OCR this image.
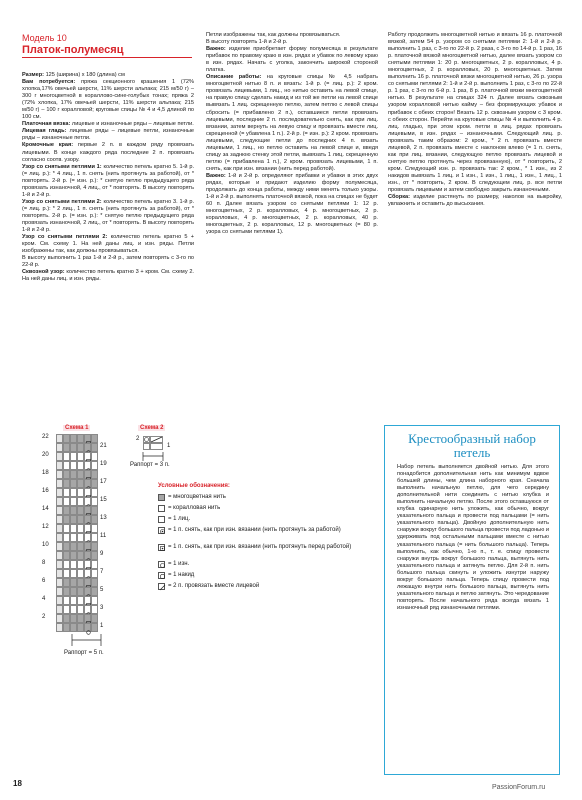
Модель 10
Платок-полумесяц

Размер: 125 (ширина) х 180 (длина) см

Вам потребуется: пряжа секционного крашения 1 (72% хлопка,17% овечьей шерсти, 11% шерсти альпака; 215 м/50 г) – 300 г многоцветной в кораллово-сине-голубых тонах; пряжа 2 (72% хлопка, 17% овечьей шерсти, 11% шерсти альпака; 215 м/50 г) – 100 г коралловой; круговые спицы № 4 и 4,5 длиной по 100 см.

Платочная вязка: лицевые и изнаночные ряды – лицевые петли.

Лицевая гладь: лицевые ряды – лицевые петли, изнаночные ряды – изнаночные петли.

Кромочные края: первые 2 п. в каждом ряду провязать лицевыми. В конце каждого ряда последние 2 п. провязать согласно соотв. узору.

Узор со снятыми петлями 1: количество петель кратно 5. 1-й р. (= лиц. р.): * 4 лиц., 1 п. снять (нить протянуть за работой), от * повторять. 2-й р. (= изн. р.): * снятую петлю предыдущего ряда провязать изнаночной, 4 лиц., от * повторять. В высоту повторять 1-й и 2-й р.

Узор со снятыми петлями 2: количество петель кратно 3. 1-й р. (= лиц. р.): * 2 лиц., 1 п. снять (нить протянуть за работой), от * повторять. 2-й р. (= изн. р.): * снятую петлю предыдущего ряда провязать изнаночной, 2 лиц., от * повторять. В высоту повторять 1-й и 2-й р.

Узор со снятыми петлями 2: количество петель кратно 5 + кром. См. схему 1. На ней даны лиц. и изн. ряды. Петли изображены так, как должны провязываться.

В высоту выполнить 1 раз 1-й и 2-й р., затем повторять с 3-го по 22-й р.

Сквозной узор: количество петель кратно 3 + кром. См. схему 2. На ней даны лиц. и изн. ряды.

Петли изображены так, как должны провязываться.

В высоту повторять 1-й и 2-й р.

Важно: изделие приобретает форму полумесяца в результате прибавок по правому краю в изн. рядах и убавок по левому краю в изн. рядах. Начать с уголка, закончить широкой стороной платка.

Описание работы: на круговые спицы № 4,5 набрать многоцветной нитью 8 п. и вязать: 1-й р. (= лиц. р.): 2 кром. провязать лицевыми, 1 лиц., но нитью оставить на левой спице, на правую спицу сделать накид и из той же петли на левой спице вывязать 1 лиц. скрещенную петлю, затем петлю с левой спицы сбросить (= прибавлено 2 п.), оставшиеся петли провязать лицевыми, последние 2 п. последовательно снять, как при лиц. вязании, затем вернуть на левую спицу и провязать вместе лиц. скрещенной (= убавлена 1 п.). 2-й р. (= изн. р.): 2 кром. провязать лицевыми, следующие петли до последних 4 п. вязать лицевыми, 1 лиц., но петлю оставить на левой спице и, введя спицу за заднюю стенку этой петли, вывязать 1 лиц. скрещенную петлю (= прибавлена 1 п.), 2 кром. провязать лицевыми, 1 п. снять, как при изн. вязании (нить перед работой).

Важно: 1-й и 2-й р. определяют прибавки и убавки в этих двух рядах, которые и придают изделию форму полумесяца, продолжать до конца работы, между ними менять только узоры. 1-й и 2-й р. выполнять платочной вязкой, пока на спицах не будет 60 п. Далее вязать узором со снятыми петлями 1: 12 р. многоцветных, 2 р. коралловых, 4 р. многоцветных, 2 р. коралловых, 4 р. многоцветных, 2 р. коралловых, 40 р. многоцветных, 2 р. коралловых, 12 р. многоцветных (= 80 р. узора со снятыми петлями 1).

Работу продолжить многоцветной нитью и вязать 16 р. платочной вязкой, затем 54 р. узором со снятыми петлями 2: 1-й и 2-й р. выполнить 1 раз, с 3-го по 22-й р. 2 раза, с 3-го по 14-й р. 1 раз, 16 р. платочной вязкой многоцветной нитью, далее вязать узором со снятыми петлями 1: 20 р. многоцветных, 2 р. коралловых, 4 р. многоцветных, 2 р. коралловых, 20 р. многоцветных. Затем выполнить 16 р. платочной вязки многоцветной нитью, 26 р. узора со снятыми петлями 2: 1-й и 2-й р. выполнить 1 раз, с 3-го по 22-й р. 1 раз, с 3-го по 6-й р. 1 раз, 8 р. платочной вязки многоцветной нитью. В результате на спицах 324 п. Далее вязать сквозным узором коралловой нитью кайму – без формирующих убавок и прибавок с обеих сторон! Вязать 12 р. сквозным узором с 3 кром. с обеих сторон. Перейти на круговые спицы № 4 и выполнить 4 р. лиц. гладью, при этом кром. петли в лиц. рядах провязать лицевыми, в изн. рядах – изнаночными. Следующий лиц. р. провязать таким образом: 2 кром., * 2 п. провязать вместе лицевой, 2 п. провязать вместе с наклоном влево (= 1 п. снять, как при лиц. вязании, следующую петлю провязать лицевой и снятую петлю протянуть через провязанную), от * повторить, 2 кром. Следующий изн. р. провязать так: 2 кром., * 1 изн., из 2 накидов вывязать 1 лиц. и 1 изн., 1 изн., 1 лиц., 1 изн., 1 лиц., 1 изн., от * повторить, 2 кром. В следующем лиц. р. все петли провязать лицевыми и затем свободно закрыть изнаночными.

Сборка: изделие растянуть по размеру, наколов на выкройку, увлажнить и оставить до высыхания.

Схема 1
22
20
18
16
14
12
10
8
6
4
2
21
19
17
15
13
11
9
7
5
3
1
Раппорт = 5 п.
Схема 2
2
1
Раппорт = 3 п.
Условные обозначения:
= многоцветная нить
= коралловая нить
= 1 лиц.
= 1 п. снять, как при изн. вязании (нить протянуть за работой)
= 1 п. снять, как при изн. вязании (нить протянуть перед работой)
= 1 изн.
= 1 накид
= 2 п. провязать вместе лицевой
Крестообразный набор петель
Набор петель выполняется двойной нитью. Для этого понадобится дополнительная нить как минимум вдвое большей длины, чем длина наборного края. Сначала выполнить начальную петлю, для чего середину дополнительной нити соединить с нитью клубка и выполнить начальную петлю. После этого оставшуюся от клубка одинарную нить уложить, как обычно, вокруг указательного пальца и провести под пальцами (= нить указательного пальца). Двойную дополнительную нить снаружи вокруг большого пальца провести под ладонью и удерживать под остальными пальцами вместе с нитью указательного пальца (= нить большого пальца). Теперь выполнить, как обычно, 1-ю п., т. е. спицу провести снаружи внутрь вокруг большого пальца, вытянуть нить указательного пальца и затянуть петлю. Для 2-й п. нить большого пальца скинуть и уложить изнутри наружу вокруг большого пальца. Теперь спицу провести под лежащую внутри нить большого пальца, вытянуть нить указательного пальца и петлю затянуть. Это чередование повторять. После начального ряда всегда вязать 1 изнаночный ряд изнаночными петлями.
18	PassionForum.ru
